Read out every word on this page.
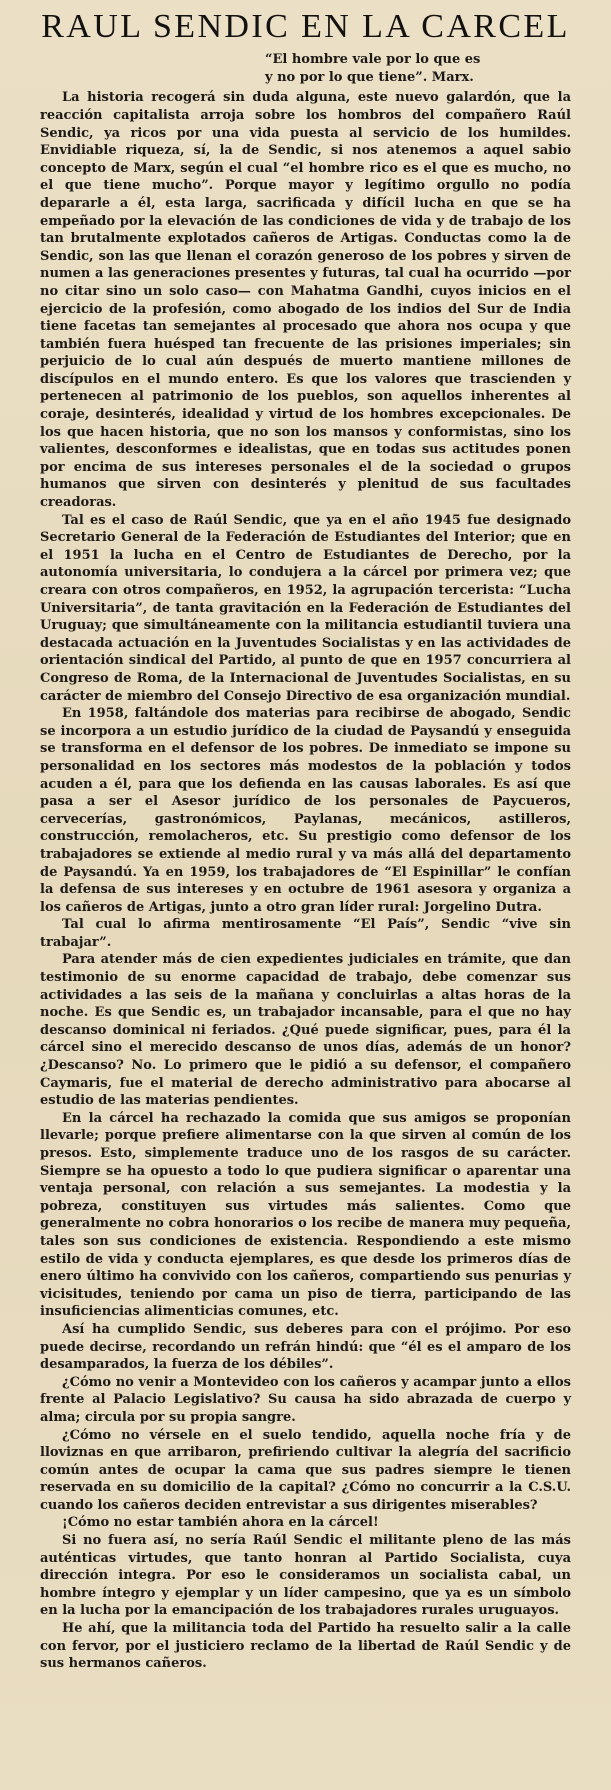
RAUL SENDIC EN LA CARCEL

“El hombre vale por lo que es

y no por lo que tiene”. Marx.

La historia recogerá sin duda alguna, este nuevo galardón, que la reacción capitalista arroja sobre los hombros del compañero Raúl Sendic, ya ricos por una vida puesta al servicio de los humildes. Envidiable riqueza, sí, la de Sendic, si nos atenemos a aquel sabio concepto de Marx, según el cual “el hombre rico es el que es mucho, no el que tiene mucho”. Porque mayor y legítimo orgullo no podía depararle a él, esta larga, sacrificada y difícil lucha en que se ha empeñado por la elevación de las condiciones de vida y de trabajo de los tan brutalmente explotados cañeros de Artigas. Conductas como la de Sendic, son las que llenan el corazón generoso de los pobres y sirven de numen a las generaciones presentes y futuras, tal cual ha ocurrido —por no citar sino un solo caso— con Mahatma Gandhi, cuyos inicios en el ejercicio de la profesión, como abogado de los indios del Sur de India tiene facetas tan semejantes al procesado que ahora nos ocupa y que también fuera huésped tan frecuente de las prisiones imperiales; sin perjuicio de lo cual aún después de muerto mantiene millones de discípulos en el mundo entero. Es que los valores que trascienden y pertenecen al patrimonio de los pueblos, son aquellos inherentes al coraje, desinterés, idealidad y virtud de los hombres excepcionales. De los que hacen historia, que no son los mansos y conformistas, sino los valientes, desconformes e idealistas, que en todas sus actitudes ponen por encima de sus intereses personales el de la sociedad o grupos humanos que sirven con desinterés y plenitud de sus facultades creadoras.

Tal es el caso de Raúl Sendic, que ya en el año 1945 fue designado Secretario General de la Federación de Estudiantes del Interior; que en el 1951 la lucha en el Centro de Estudiantes de Derecho, por la autonomía universitaria, lo condujera a la cárcel por primera vez; que creara con otros compañeros, en 1952, la agrupación tercerista: “Lucha Universitaria”, de tanta gravitación en la Federación de Estudiantes del Uruguay; que simultáneamente con la militancia estudiantil tuviera una destacada actuación en la Juventudes Socialistas y en las actividades de orientación sindical del Partido, al punto de que en 1957 concurriera al Congreso de Roma, de la Internacional de Juventudes Socialistas, en su carácter de miembro del Consejo Directivo de esa organización mundial.

En 1958, faltándole dos materias para recibirse de abogado, Sendic se incorpora a un estudio jurídico de la ciudad de Paysandú y enseguida se transforma en el defensor de los pobres. De inmediato se impone su personalidad en los sectores más modestos de la población y todos acuden a él, para que los defienda en las causas laborales. Es así que pasa a ser el Asesor jurídico de los personales de Paycueros, cervecerías, gastronómicos, Paylanas, mecánicos, astilleros, construcción, remolacheros, etc. Su prestigio como defensor de los trabajadores se extiende al medio rural y va más allá del departamento de Paysandú. Ya en 1959, los trabajadores de “El Espinillar” le confían la defensa de sus intereses y en octubre de 1961 asesora y organiza a los cañeros de Artigas, junto a otro gran líder rural: Jorgelino Dutra.

Tal cual lo afirma mentirosamente “El País”, Sendic “vive sin trabajar”.

Para atender más de cien expedientes judiciales en trámite, que dan testimonio de su enorme capacidad de trabajo, debe comenzar sus actividades a las seis de la mañana y concluirlas a altas horas de la noche. Es que Sendic es, un trabajador incansable, para el que no hay descanso dominical ni feriados. ¿Qué puede significar, pues, para él la cárcel sino el merecido descanso de unos días, además de un honor? ¿Descanso? No. Lo primero que le pidió a su defensor, el compañero Caymaris, fue el material de derecho administrativo para abocarse al estudio de las materias pendientes.

En la cárcel ha rechazado la comida que sus amigos se proponían llevarle; porque prefiere alimentarse con la que sirven al común de los presos. Esto, simplemente traduce uno de los rasgos de su carácter. Siempre se ha opuesto a todo lo que pudiera significar o aparentar una ventaja personal, con relación a sus semejantes. La modestia y la pobreza, constituyen sus virtudes más salientes. Como que generalmente no cobra honorarios o los recibe de manera muy pequeña, tales son sus condiciones de existencia. Respondiendo a este mismo estilo de vida y conducta ejemplares, es que desde los primeros días de enero último ha convivido con los cañeros, compartiendo sus penurias y vicisitudes, teniendo por cama un piso de tierra, participando de las insuficiencias alimenticias comunes, etc.

Así ha cumplido Sendic, sus deberes para con el prójimo. Por eso puede decirse, recordando un refrán hindú: que “él es el amparo de los desamparados, la fuerza de los débiles”.

¿Cómo no venir a Montevideo con los cañeros y acampar junto a ellos frente al Palacio Legislativo? Su causa ha sido abrazada de cuerpo y alma; circula por su propia sangre.

¿Cómo no vérsele en el suelo tendido, aquella noche fría y de lloviznas en que arribaron, prefiriendo cultivar la alegría del sacrificio común antes de ocupar la cama que sus padres siempre le tienen reservada en su domicilio de la capital? ¿Cómo no concurrir a la C.S.U. cuando los cañeros deciden entrevistar a sus dirigentes miserables?

¡Cómo no estar también ahora en la cárcel!

Si no fuera así, no sería Raúl Sendic el militante pleno de las más auténticas virtudes, que tanto honran al Partido Socialista, cuya dirección integra. Por eso le consideramos un socialista cabal, un hombre íntegro y ejemplar y un líder campesino, que ya es un símbolo en la lucha por la emancipación de los trabajadores rurales uruguayos.

He ahí, que la militancia toda del Partido ha resuelto salir a la calle con fervor, por el justiciero reclamo de la libertad de Raúl Sendic y de sus hermanos cañeros.
